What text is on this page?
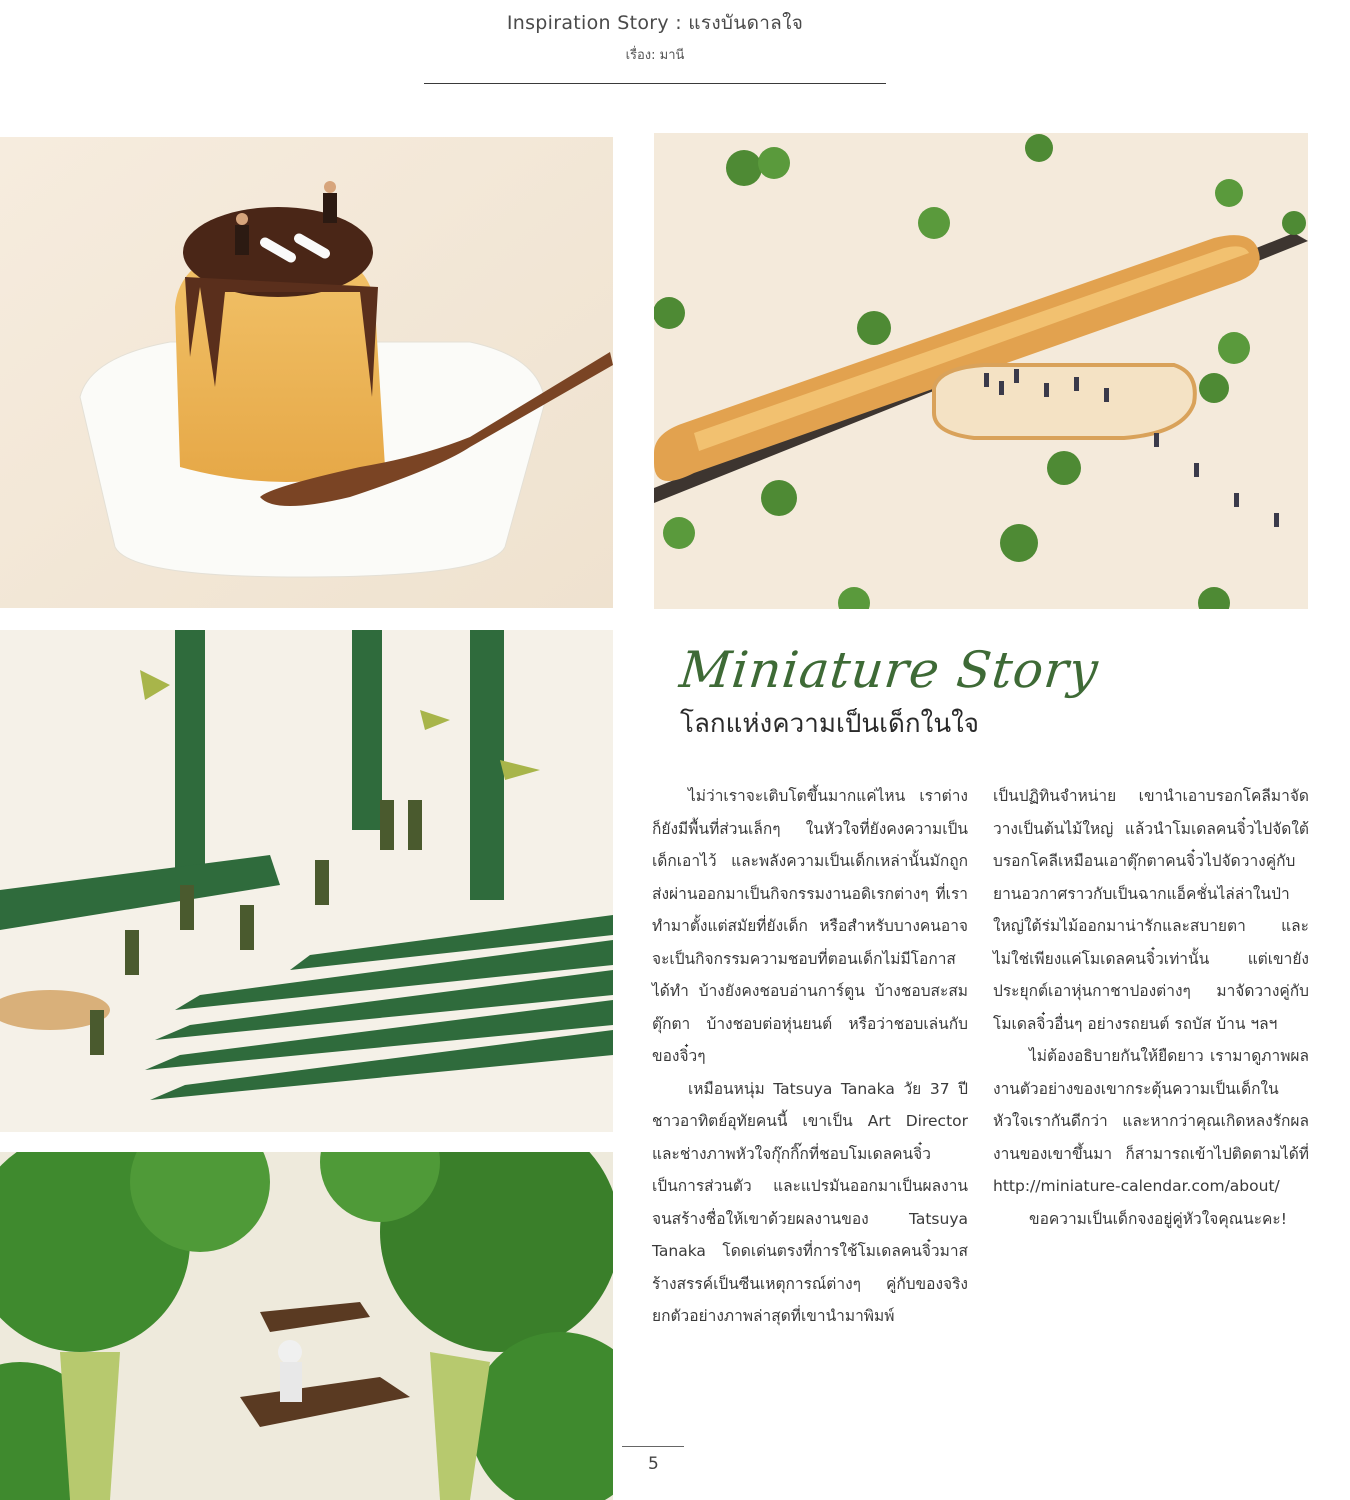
Inspiration Story : แรงบันดาลใจ
เรื่อง: มานี
Miniature Story
โลกแห่งความเป็นเด็กในใจ

ไม่ว่าเราจะเติบโตขึ้นมากแค่ไหน เราต่างก็ยังมีพื้นที่ส่วนเล็กๆ ในหัวใจที่ยังคงความเป็นเด็กเอาไว้ และพลังความเป็นเด็กเหล่านั้นมักถูกส่งผ่านออกมาเป็นกิจกรรมงานอดิเรกต่างๆ ที่เราทำมาตั้งแต่สมัยที่ยังเด็ก หรือสำหรับบางคนอาจจะเป็นกิจกรรมความชอบที่ตอนเด็กไม่มีโอกาสได้ทำ บ้างยังคงชอบอ่านการ์ตูน บ้างชอบสะสมตุ๊กตา บ้างชอบต่อหุ่นยนต์ หรือว่าชอบเล่นกับของจิ๋วๆ

เหมือนหนุ่ม Tatsuya Tanaka วัย 37 ปี ชาวอาทิตย์อุทัยคนนี้ เขาเป็น Art Director และช่างภาพหัวใจกุ๊กกิ๊กที่ชอบโมเดลคนจิ๋วเป็นการส่วนตัว และแปรมันออกมาเป็นผลงานจนสร้างชื่อให้เขาด้วยผลงานของ Tatsuya Tanaka โดดเด่นตรงที่การใช้โมเดลคนจิ๋วมาสร้างสรรค์เป็นซีนเหตุการณ์ต่างๆ คู่กับของจริง ยกตัวอย่างภาพล่าสุดที่เขานำมาพิมพ์

เป็นปฏิทินจำหน่าย เขานำเอาบรอกโคลีมาจัดวางเป็นต้นไม้ใหญ่ แล้วนำโมเดลคนจิ๋วไปจัดใต้บรอกโคลีเหมือนเอาตุ๊กตาคนจิ๋วไปจัดวางคู่กับยานอวกาศราวกับเป็นฉากแอ็คชั่นไล่ล่าในป่าใหญ่ใต้ร่มไม้ออกมาน่ารักและสบายตา และไม่ใช่เพียงแค่โมเดลคนจิ๋วเท่านั้น แต่เขายังประยุกต์เอาหุ่นกาชาปองต่างๆ มาจัดวางคู่กับโมเดลจิ๋วอื่นๆ อย่างรถยนต์ รถบัส บ้าน ฯลฯ

ไม่ต้องอธิบายกันให้ยืดยาว เรามาดูภาพผลงานตัวอย่างของเขากระตุ้นความเป็นเด็กในหัวใจเรากันดีกว่า และหากว่าคุณเกิดหลงรักผลงานของเขาขึ้นมา ก็สามารถเข้าไปติดตามได้ที่ http://miniature-calendar.com/about/

ขอความเป็นเด็กจงอยู่คู่หัวใจคุณนะคะ!

5
